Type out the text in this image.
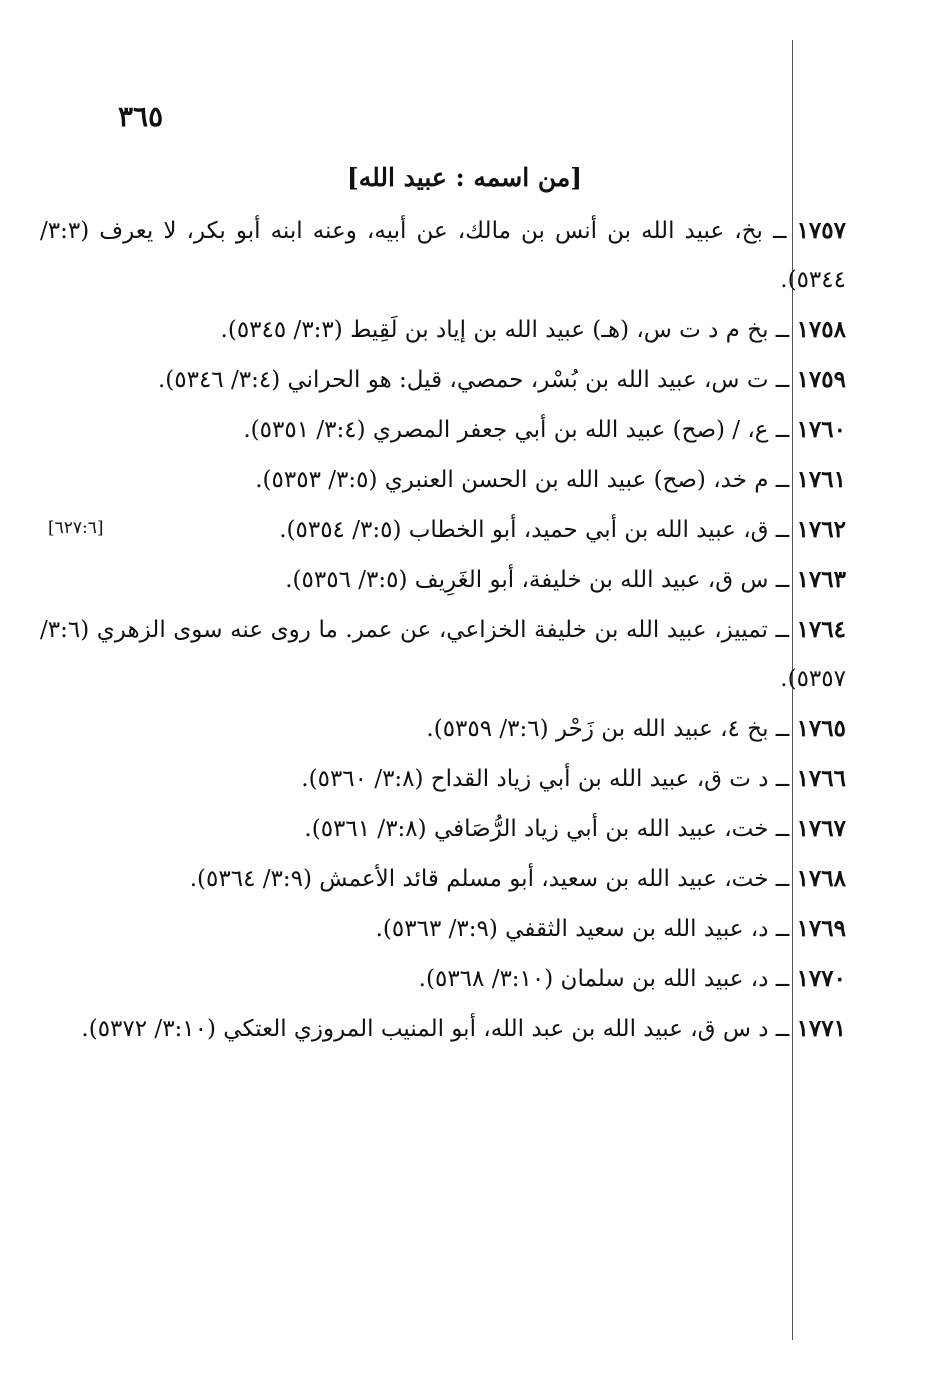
٣٦٥
[من اسمه : عبيد الله]
[٦٢٧:٦]
١٧٥٧ ــ بخ، عبيد الله بن أنس بن مالك، عن أبيه، وعنه ابنه أبو بكر، لا يعرف (٣:٣/ ٥٣٤٤).
١٧٥٨ ــ بخ م د ت س، (هـ) عبيد الله بن إياد بن لَقِيط (٣:٣/ ٥٣٤٥).
١٧٥٩ ــ ت س، عبيد الله بن بُسْر، حمصي، قيل: هو الحراني (٣:٤/ ٥٣٤٦).
١٧٦٠ ــ ع، / (صح) عبيد الله بن أبي جعفر المصري (٣:٤/ ٥٣٥١).
١٧٦١ ــ م خد، (صح) عبيد الله بن الحسن العنبري (٣:٥/ ٥٣٥٣).
١٧٦٢ ــ ق، عبيد الله بن أبي حميد، أبو الخطاب (٣:٥/ ٥٣٥٤).
١٧٦٣ ــ س ق، عبيد الله بن خليفة، أبو الغَرِيف (٣:٥/ ٥٣٥٦).
١٧٦٤ ــ تمييز، عبيد الله بن خليفة الخزاعي، عن عمر. ما روى عنه سوى الزهري (٣:٦/ ٥٣٥٧).
١٧٦٥ ــ بخ ٤، عبيد الله بن زَحْر (٣:٦/ ٥٣٥٩).
١٧٦٦ ــ د ت ق، عبيد الله بن أبي زياد القداح (٣:٨/ ٥٣٦٠).
١٧٦٧ ــ خت، عبيد الله بن أبي زياد الرُّصَافي (٣:٨/ ٥٣٦١).
١٧٦٨ ــ خت، عبيد الله بن سعيد، أبو مسلم قائد الأعمش (٣:٩/ ٥٣٦٤).
١٧٦٩ ــ د، عبيد الله بن سعيد الثقفي (٣:٩/ ٥٣٦٣).
١٧٧٠ ــ د، عبيد الله بن سلمان (٣:١٠/ ٥٣٦٨).
١٧٧١ ــ د س ق، عبيد الله بن عبد الله، أبو المنيب المروزي العتكي (٣:١٠/ ٥٣٧٢).
